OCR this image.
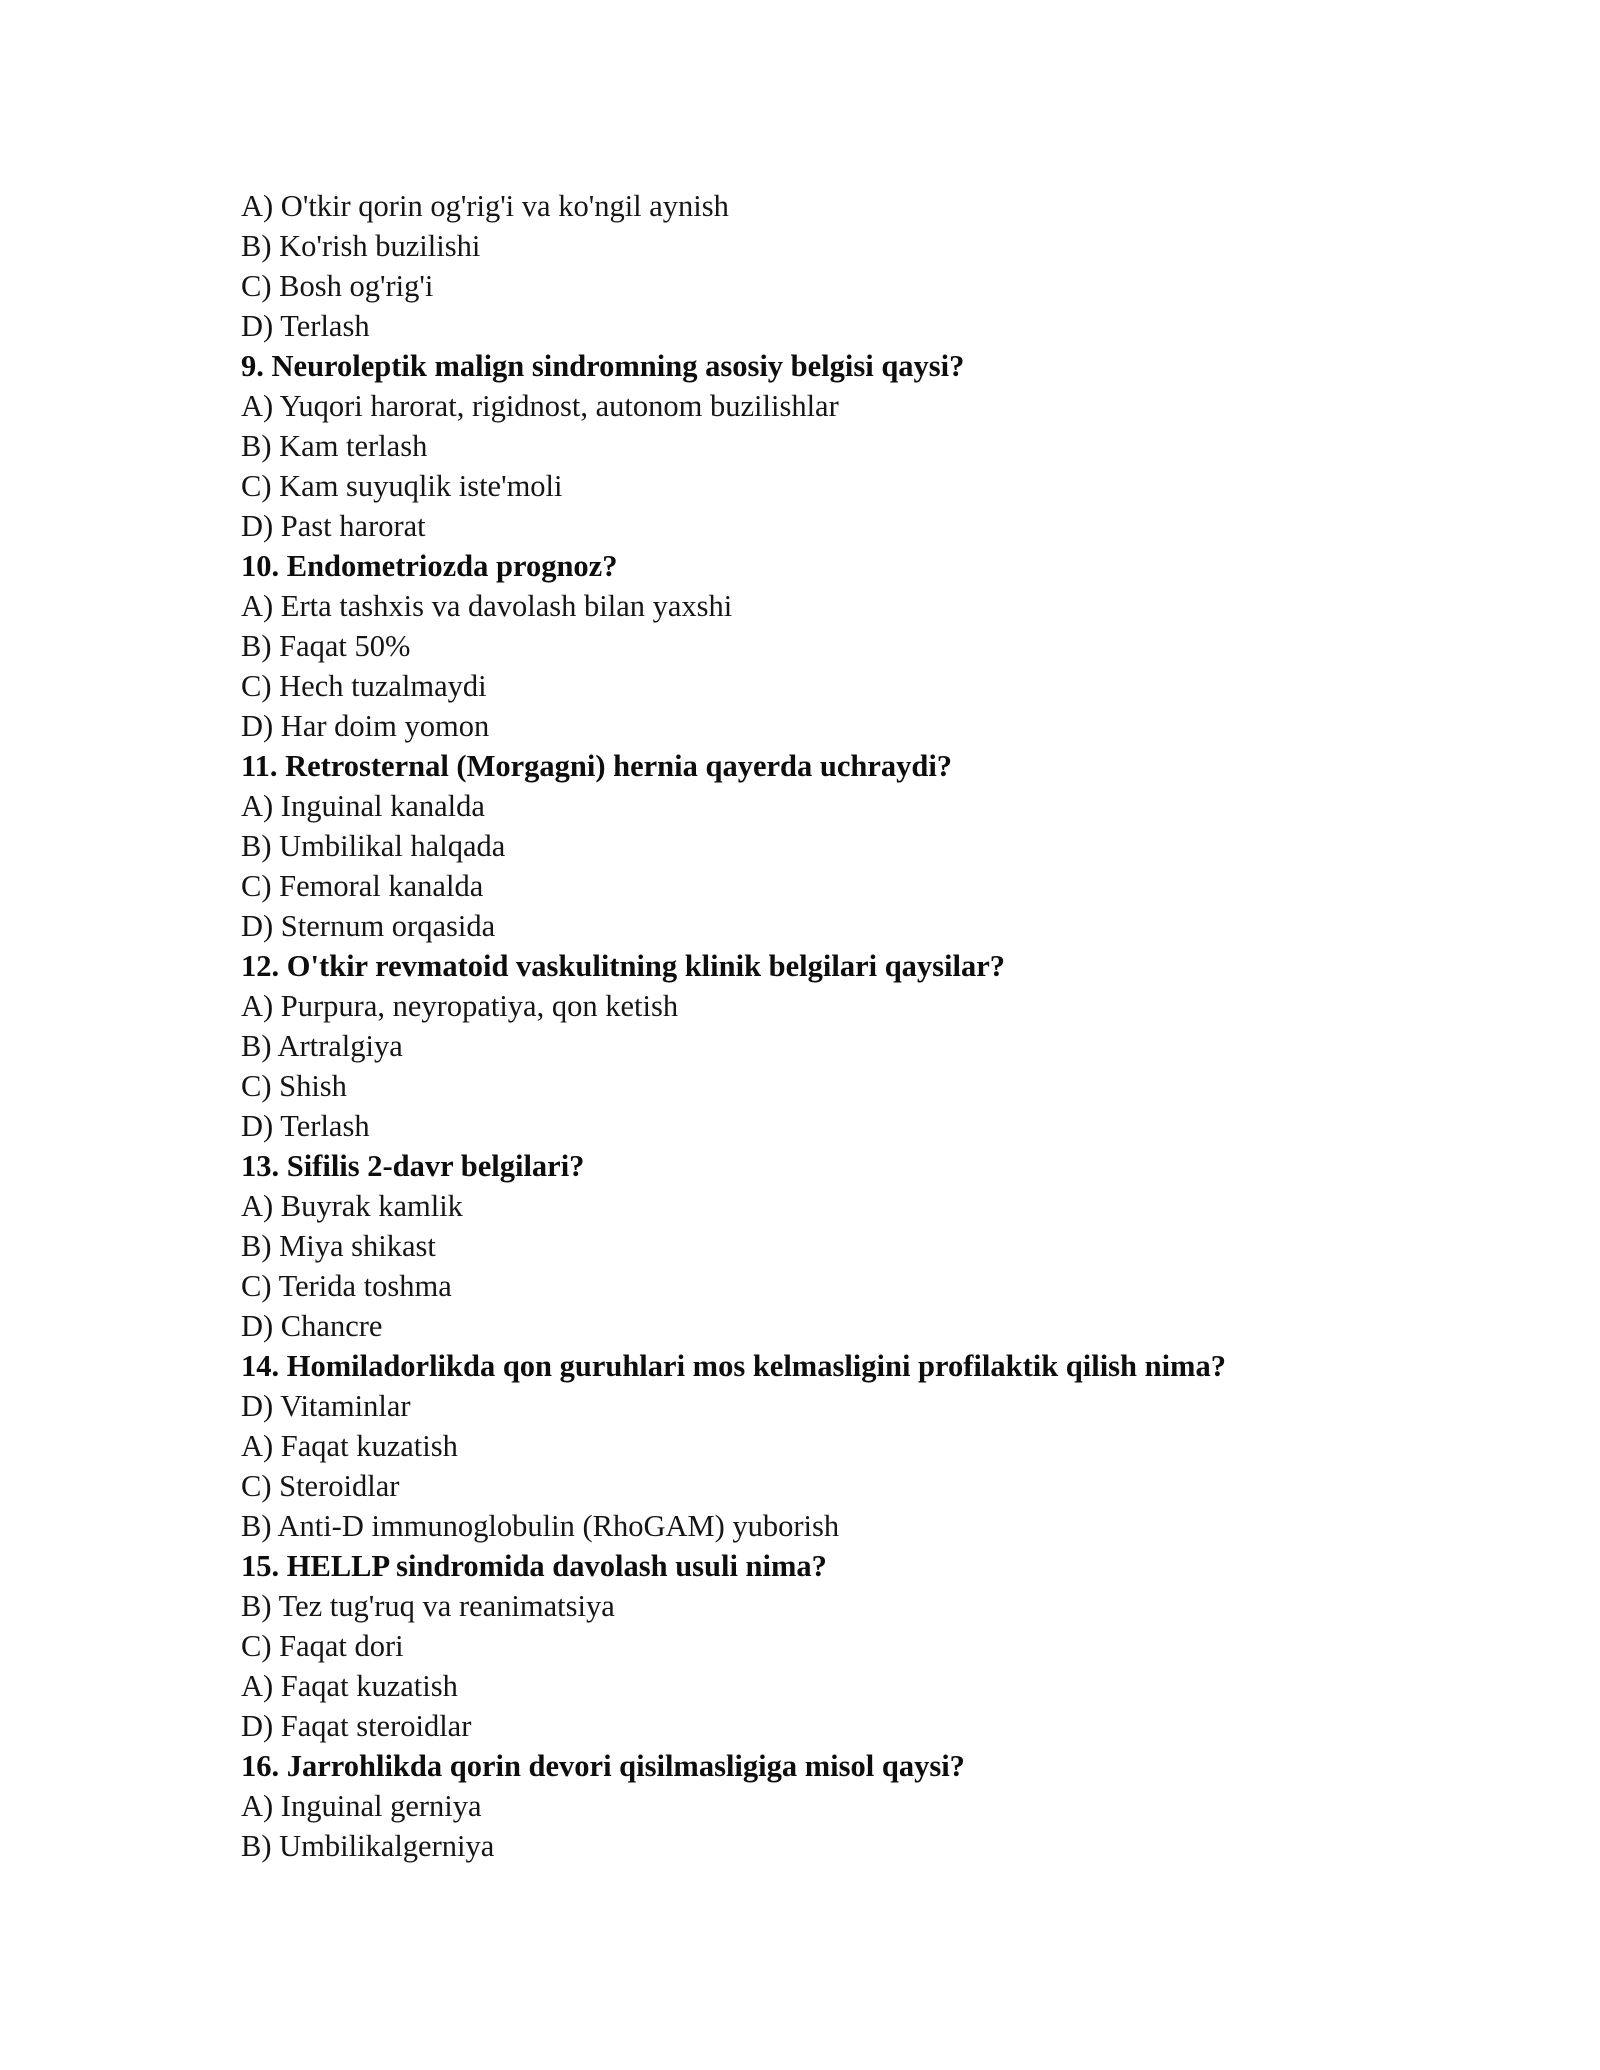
A) O'tkir qorin og'rig'i va ko'ngil aynish
B) Ko'rish buzilishi
C) Bosh og'rig'i
D) Terlash
9. Neuroleptik malign sindromning asosiy belgisi qaysi?
A) Yuqori harorat, rigidnost, autonom buzilishlar
B) Kam terlash
C) Kam suyuqlik iste'moli
D) Past harorat
10. Endometriozda prognoz?
A) Erta tashxis va davolash bilan yaxshi
B) Faqat 50%
C) Hech tuzalmaydi
D) Har doim yomon
11. Retrosternal (Morgagni) hernia qayerda uchraydi?
A) Inguinal kanalda
B) Umbilikal halqada
C) Femoral kanalda
D) Sternum orqasida
12. O'tkir revmatoid vaskulitning klinik belgilari qaysilar?
A) Purpura, neyropatiya, qon ketish
B) Artralgiya
C) Shish
D) Terlash
13. Sifilis 2-davr belgilari?
A) Buyrak kamlik
B) Miya shikast
C) Terida toshma
D) Chancre
14. Homiladorlikda qon guruhlari mos kelmasligini profilaktik qilish nima?
D) Vitaminlar
A) Faqat kuzatish
C) Steroidlar
B) Anti-D immunoglobulin (RhoGAM) yuborish
15. HELLP sindromida davolash usuli nima?
B) Tez tug'ruq va reanimatsiya
C) Faqat dori
A) Faqat kuzatish
D) Faqat steroidlar
16. Jarrohlikda qorin devori qisilmasligiga misol qaysi?
A) Inguinal gerniya
B) Umbilikalgerniya
